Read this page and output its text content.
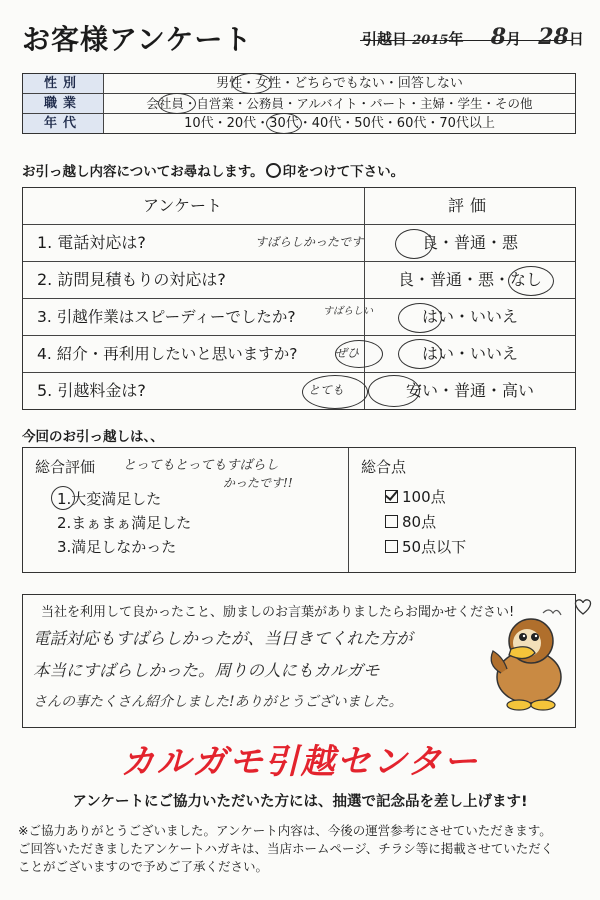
お客様アンケート	引越日 2015年 8月 28日
性別	男性・女性・どちらでもない・回答しない
職業	会社員・自営業・公務員・アルバイト・パート・主婦・学生・その他
年代	10代・20代・30代・40代・50代・60代・70代以上
お引っ越し内容についてお尋ねします。 ○ 印をつけて下さい。
アンケート	評価
1. 電話対応は?	すばらしかったです	良・普通・悪
2. 訪問見積もりの対応は?	良・普通・悪・なし
3. 引越作業はスピーディーでしたか?	すばらしい	はい・いいえ
4. 紹介・再利用したいと思いますか?	ぜひ	はい・いいえ
5. 引越料金は?	とても	安い・普通・高い
今回のお引っ越しは、、
総合評価 とってもとってもすばらし
かったです!!
1.大変満足した
2.まぁまぁ満足した
3.満足しなかった
総合点
100点
80点
50点以下
当社を利用して良かったこと、励ましのお言葉がありましたらお聞かせください!
電話対応もすばらしかったが、当日きてくれた方が
本当にすばらしかった。周りの人にもカルガモ
さんの事たくさん紹介しました!ありがとうございました。
カルガモ引越センター
アンケートにご協力いただいた方には、抽選で記念品を差し上げます!
※ご協力ありがとうございました。アンケート内容は、今後の運営参考にさせていただきます。
ご回答いただきましたアンケートハガキは、当店ホームページ、チラシ等に掲載させていただく
ことがございますので予めご了承ください。
